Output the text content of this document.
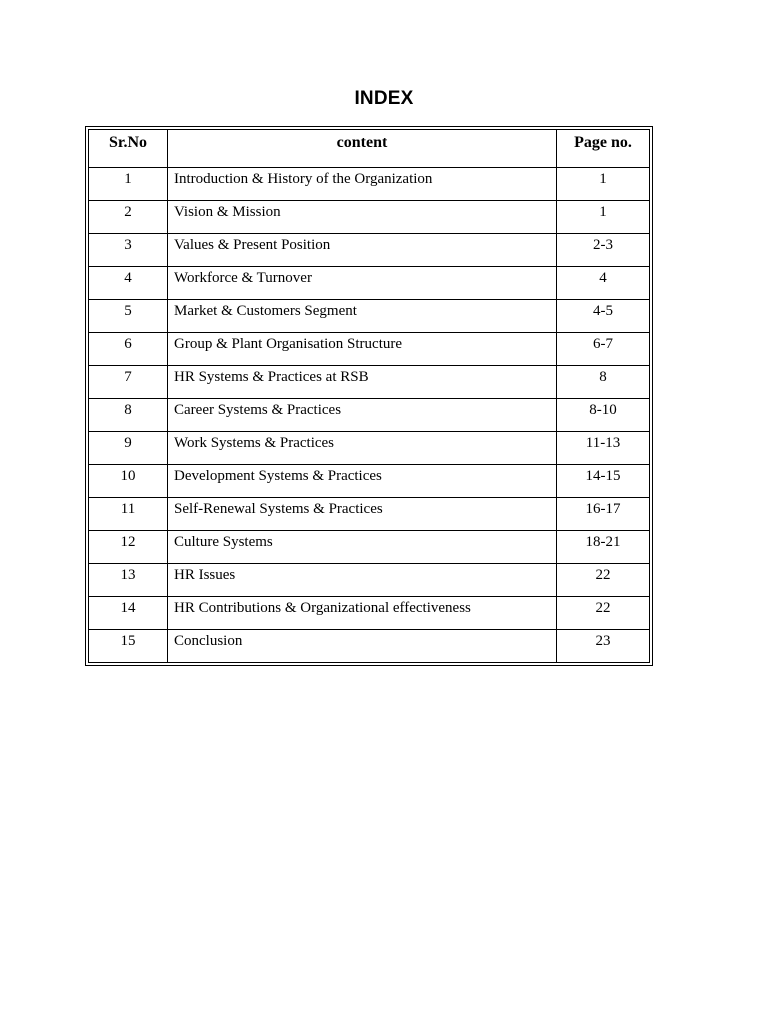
INDEX
Sr.No	content	Page no.
1	Introduction & History of the Organization	1
2	Vision & Mission	1
3	Values & Present Position	2-3
4	Workforce & Turnover	4
5	Market & Customers Segment	4-5
6	Group & Plant Organisation Structure	6-7
7	HR Systems & Practices at RSB	8
8	Career Systems & Practices	8-10
9	Work Systems & Practices	11-13
10	Development Systems & Practices	14-15
11	Self-Renewal Systems & Practices	16-17
12	Culture Systems	18-21
13	HR Issues	22
14	HR Contributions & Organizational effectiveness	22
15	Conclusion	23
